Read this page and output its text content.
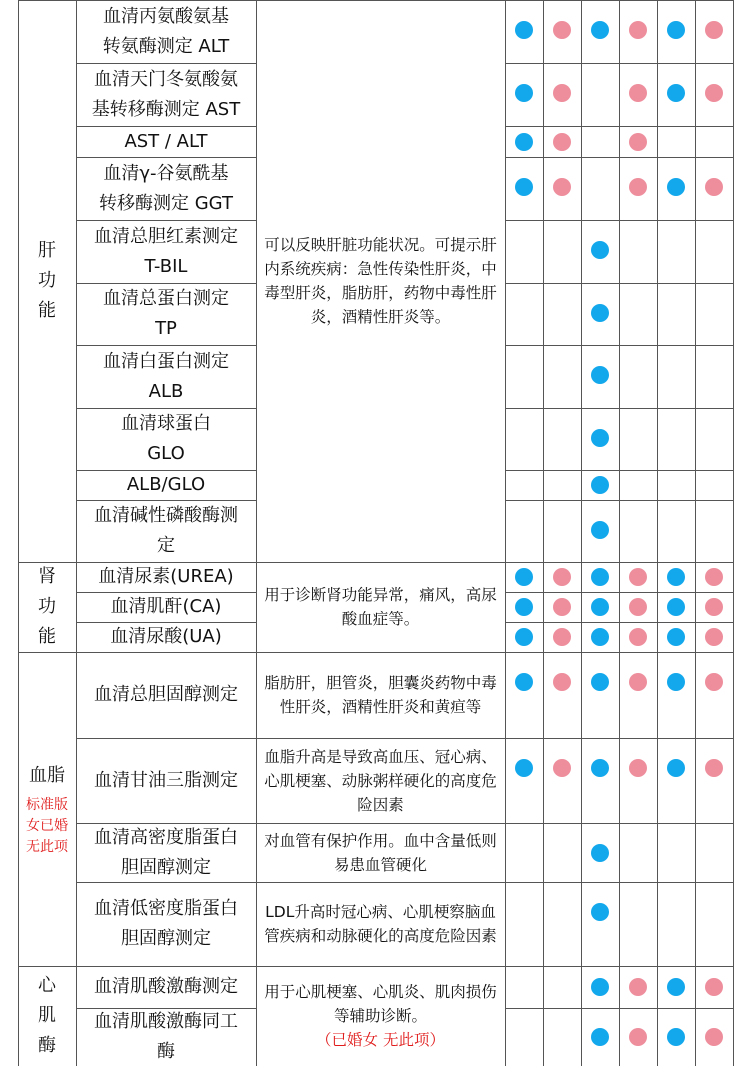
肝
功
能
可以反映肝脏功能状况。可提示肝内系统疾病：急性传染性肝炎，中毒型肝炎，脂肪肝，药物中毒性肝炎，酒精性肝炎等。
血清丙氨酸氨基
转氨酶测定 ALT
血清天门冬氨酸氨
基转移酶测定 AST
AST / ALT
血清γ-谷氨酰基
转移酶测定 GGT
血清总胆红素测定
T-BIL
血清总蛋白测定
TP
血清白蛋白测定
ALB
血清球蛋白
GLO
ALB/GLO
血清碱性磷酸酶测
定
肾
功
能
用于诊断肾功能异常，痛风，高尿酸血症等。
血清尿素(UREA)
血清肌酐(CA)
血清尿酸(UA)
血脂
标准版
女已婚
无此项
脂肪肝，胆管炎，胆囊炎药物中毒性肝炎，酒精性肝炎和黄疸等
血清总胆固醇测定
血脂升高是导致高血压、冠心病、心肌梗塞、动脉粥样硬化的高度危险因素
血清甘油三脂测定
对血管有保护作用。血中含量低则易患血管硬化
血清高密度脂蛋白
胆固醇测定
LDL升高时冠心病、心肌梗察脑血管疾病和动脉硬化的高度危险因素
血清低密度脂蛋白
胆固醇测定
心
肌
酶
用于心肌梗塞、心肌炎、肌肉损伤等辅助诊断。
（已婚女 无此项）
血清肌酸激酶测定
血清肌酸激酶同工
酶
